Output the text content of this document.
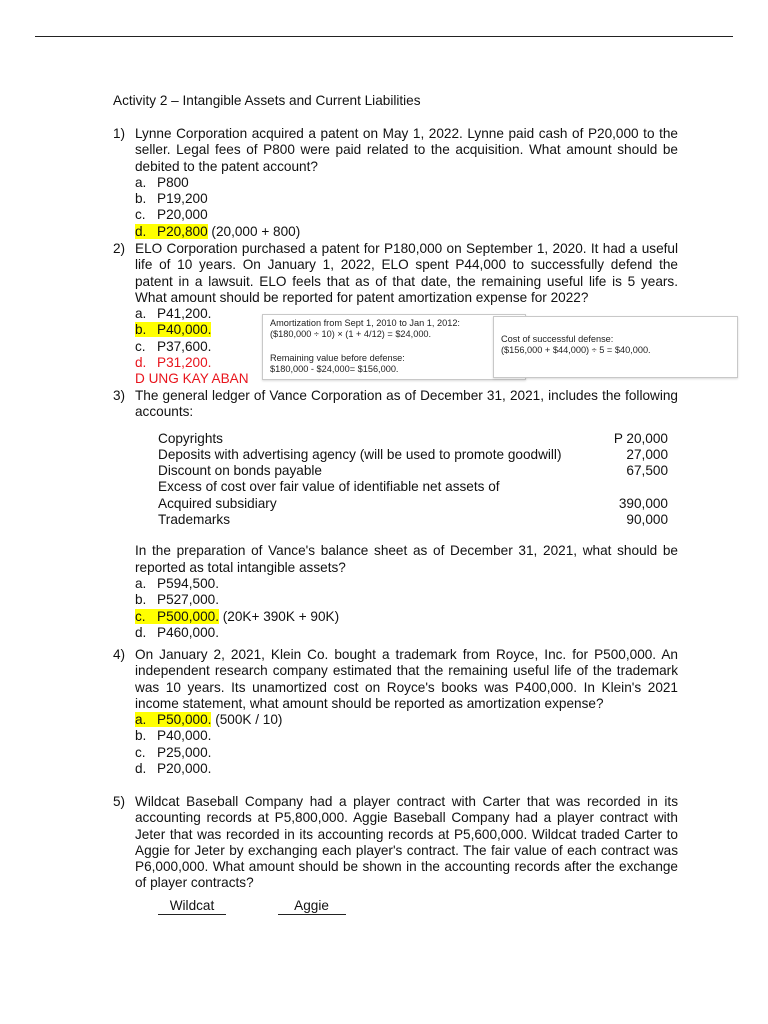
Activity 2 – Intangible Assets and Current Liabilities
1) Lynne Corporation acquired a patent on May 1, 2022. Lynne paid cash of P20,000 to the seller. Legal fees of P800 were paid related to the acquisition. What amount should be debited to the patent account?
a. P800
b. P19,200
c. P20,000
d. P20,800 (20,000 + 800)
2) ELO Corporation purchased a patent for P180,000 on September 1, 2020. It had a useful life of 10 years. On January 1, 2022, ELO spent P44,000 to successfully defend the patent in a lawsuit. ELO feels that as of that date, the remaining useful life is 5 years. What amount should be reported for patent amortization expense for 2022?
a. P41,200.
b. P40,000.
c. P37,600.
d. P31,200.
D UNG KAY ABAN
Amortization from Sept 1, 2010 to Jan 1, 2012:
($180,000 ÷ 10) × (1 + 4/12) = $24,000.
Remaining value before defense:
$180,000 - $24,000= $156,000.
Cost of successful defense:
($156,000 + $44,000) ÷ 5 = $40,000.
3) The general ledger of Vance Corporation as of December 31, 2021, includes the following accounts:
Copyrights	P 20,000
Deposits with advertising agency (will be used to promote goodwill)	27,000
Discount on bonds payable	67,500
Excess of cost over fair value of identifiable net assets of	
Acquired subsidiary	390,000
Trademarks	90,000
In the preparation of Vance's balance sheet as of December 31, 2021, what should be reported as total intangible assets?
a. P594,500.
b. P527,000.
c. P500,000. (20K+ 390K + 90K)
d. P460,000.
4) On January 2, 2021, Klein Co. bought a trademark from Royce, Inc. for P500,000. An independent research company estimated that the remaining useful life of the trademark was 10 years. Its unamortized cost on Royce's books was P400,000. In Klein's 2021 income statement, what amount should be reported as amortization expense?
a. P50,000. (500K / 10)
b. P40,000.
c. P25,000.
d. P20,000.
5) Wildcat Baseball Company had a player contract with Carter that was recorded in its accounting records at P5,800,000. Aggie Baseball Company had a player contract with Jeter that was recorded in its accounting records at P5,600,000. Wildcat traded Carter to Aggie for Jeter by exchanging each player's contract. The fair value of each contract was P6,000,000. What amount should be shown in the accounting records after the exchange of player contracts?
Wildcat	Aggie
